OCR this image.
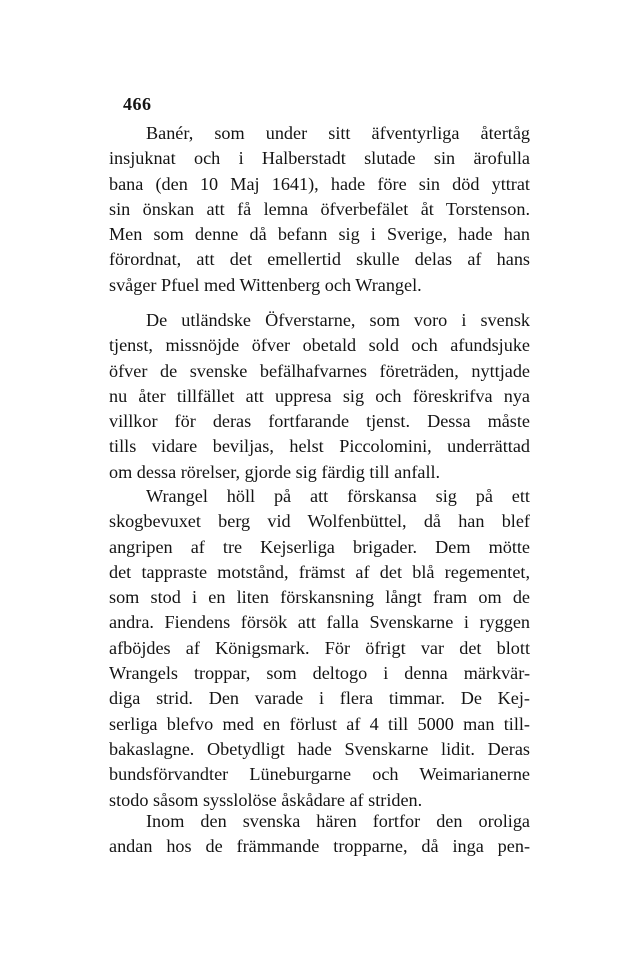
466
Banér, som under sitt äfventyrliga återtåg
insjuknat och i Halberstadt slutade sin ärofulla
bana (den 10 Maj 1641), hade före sin död yttrat
sin önskan att få lemna öfverbefälet åt Torstenson.
Men som denne då befann sig i Sverige, hade han
förordnat, att det emellertid skulle delas af hans
svåger Pfuel med Wittenberg och Wrangel.
De utländske Öfverstarne, som voro i svensk
tjenst, missnöjde öfver obetald sold och afundsjuke
öfver de svenske befälhafvarnes företräden, nyttjade
nu åter tillfället att uppresa sig och föreskrifva nya
villkor för deras fortfarande tjenst. Dessa måste
tills vidare beviljas, helst Piccolomini, underrättad
om dessa rörelser, gjorde sig färdig till anfall.
Wrangel höll på att förskansa sig på ett
skogbevuxet berg vid Wolfenbüttel, då han blef
angripen af tre Kejserliga brigader. Dem mötte
det tappraste motstånd, främst af det blå regementet,
som stod i en liten förskansning långt fram om de
andra. Fiendens försök att falla Svenskarne i ryggen
afböjdes af Königsmark. För öfrigt var det blott
Wrangels troppar, som deltogo i denna märkvär-
diga strid. Den varade i flera timmar. De Kej-
serliga blefvo med en förlust af 4 till 5000 man till-
bakaslagne. Obetydligt hade Svenskarne lidit. Deras
bundsförvandter Lüneburgarne och Weimarianerne
stodo såsom sysslolöse åskådare af striden.
Inom den svenska hären fortfor den oroliga
andan hos de främmande tropparne, då inga pen-
